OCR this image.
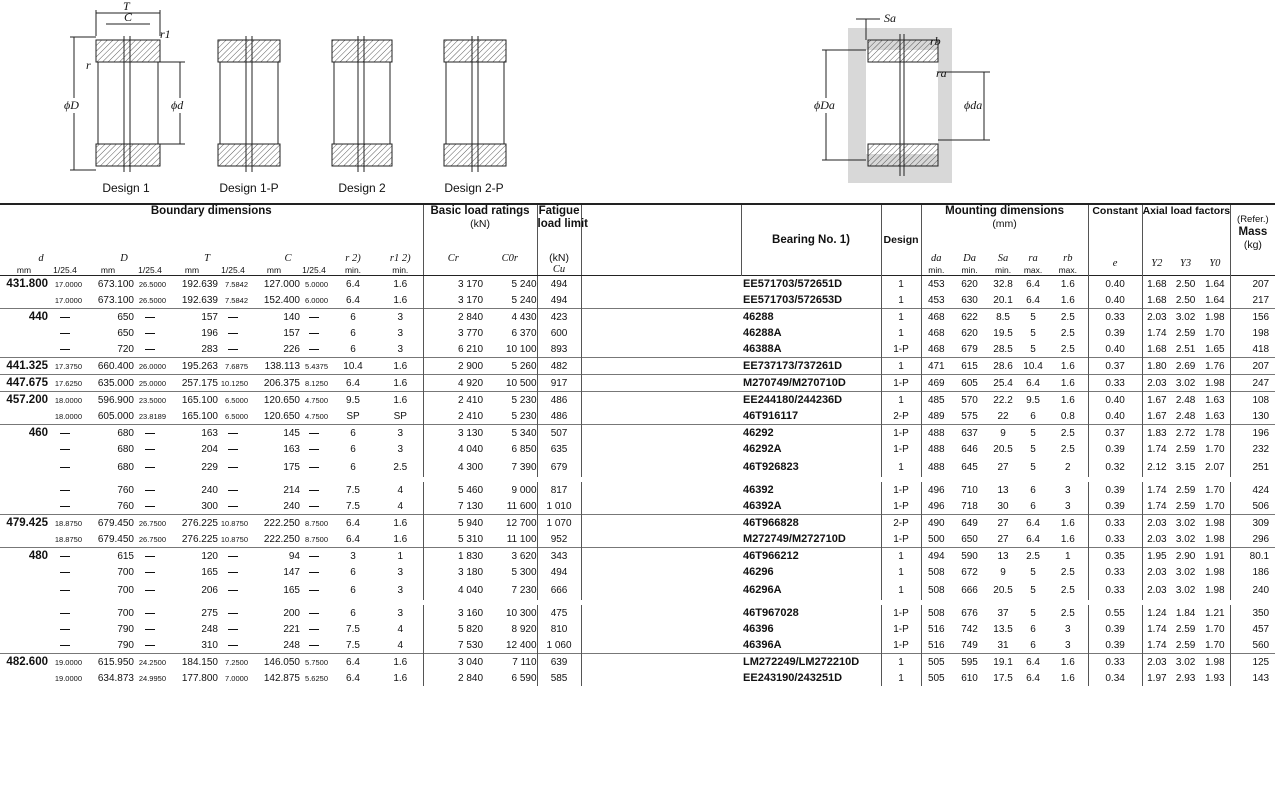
T
C
r1
r
ϕD	ϕd
Sa
rb
ra
ϕDa	ϕda
Design 1	Design 1-P	Design 2	Design 2-P
Boundary dimensions										Basic load ratings
(kN)		Fatigue
load limit		Bearing No. 1)	Design	Mounting dimensions
(mm)					Constant	Axial load factors			(Refer.)
Mass
(kg)
d		D		T		C		r 2)	r1 2)	Cr	C0r	(kN)				da	Da	Sa	ra	rb	e	Y2	Y3	Y0	
mm	1/25.4	mm	1/25.4	mm	1/25.4	mm	1/25.4	min.	min.			Cu				min.	min.	min.	max.	max.					
431.800	17.0000	673.100	26.5000	192.639	7.5842	127.000	5.0000	6.4	1.6	3 170	5 240	494		EE571703/572651D	1	453	620	32.8	6.4	1.6	0.40	1.68	2.50	1.64	207
	17.0000	673.100	26.5000	192.639	7.5842	152.400	6.0000	6.4	1.6	3 170	5 240	494		EE571703/572653D	1	453	630	20.1	6.4	1.6	0.40	1.68	2.50	1.64	217
440	—	650	—	157	—	140	—	6	3	2 840	4 430	423		46288	1	468	622	8.5	5	2.5	0.33	2.03	3.02	1.98	156
	—	650	—	196	—	157	—	6	3	3 770	6 370	600		46288A	1	468	620	19.5	5	2.5	0.39	1.74	2.59	1.70	198
	—	720	—	283	—	226	—	6	3	6 210	10 100	893		46388A	1-P	468	679	28.5	5	2.5	0.40	1.68	2.51	1.65	418
441.325	17.3750	660.400	26.0000	195.263	7.6875	138.113	5.4375	10.4	1.6	2 900	5 260	482		EE737173/737261D	1	471	615	28.6	10.4	1.6	0.37	1.80	2.69	1.76	207
447.675	17.6250	635.000	25.0000	257.175	10.1250	206.375	8.1250	6.4	1.6	4 920	10 500	917		M270749/M270710D	1-P	469	605	25.4	6.4	1.6	0.33	2.03	3.02	1.98	247
457.200	18.0000	596.900	23.5000	165.100	6.5000	120.650	4.7500	9.5	1.6	2 410	5 230	486		EE244180/244236D	1	485	570	22.2	9.5	1.6	0.40	1.67	2.48	1.63	108
	18.0000	605.000	23.8189	165.100	6.5000	120.650	4.7500	SP	SP	2 410	5 230	486		46T916117	2-P	489	575	22	6	0.8	0.40	1.67	2.48	1.63	130
460	—	680	—	163	—	145	—	6	3	3 130	5 340	507		46292	1-P	488	637	9	5	2.5	0.37	1.83	2.72	1.78	196
	—	680	—	204	—	163	—	6	3	4 040	6 850	635		46292A	1-P	488	646	20.5	5	2.5	0.39	1.74	2.59	1.70	232
	—	680	—	229	—	175	—	6	2.5	4 300	7 390	679		46T926823	1	488	645	27	5	2	0.32	2.12	3.15	2.07	251

	—	760	—	240	—	214	—	7.5	4	5 460	9 000	817		46392	1-P	496	710	13	6	3	0.39	1.74	2.59	1.70	424
	—	760	—	300	—	240	—	7.5	4	7 130	11 600	1 010		46392A	1-P	496	718	30	6	3	0.39	1.74	2.59	1.70	506
479.425	18.8750	679.450	26.7500	276.225	10.8750	222.250	8.7500	6.4	1.6	5 940	12 700	1 070		46T966828	2-P	490	649	27	6.4	1.6	0.33	2.03	3.02	1.98	309
	18.8750	679.450	26.7500	276.225	10.8750	222.250	8.7500	6.4	1.6	5 310	11 100	952		M272749/M272710D	1-P	500	650	27	6.4	1.6	0.33	2.03	3.02	1.98	296
480	—	615	—	120	—	94	—	3	1	1 830	3 620	343		46T966212	1	494	590	13	2.5	1	0.35	1.95	2.90	1.91	80.1
	—	700	—	165	—	147	—	6	3	3 180	5 300	494		46296	1	508	672	9	5	2.5	0.33	2.03	3.02	1.98	186
	—	700	—	206	—	165	—	6	3	4 040	7 230	666		46296A	1	508	666	20.5	5	2.5	0.33	2.03	3.02	1.98	240

	—	700	—	275	—	200	—	6	3	3 160	10 300	475		46T967028	1-P	508	676	37	5	2.5	0.55	1.24	1.84	1.21	350
	—	790	—	248	—	221	—	7.5	4	5 820	8 920	810		46396	1-P	516	742	13.5	6	3	0.39	1.74	2.59	1.70	457
	—	790	—	310	—	248	—	7.5	4	7 530	12 400	1 060		46396A	1-P	516	749	31	6	3	0.39	1.74	2.59	1.70	560
482.600	19.0000	615.950	24.2500	184.150	7.2500	146.050	5.7500	6.4	1.6	3 040	7 110	639		LM272249/LM272210D	1	505	595	19.1	6.4	1.6	0.33	2.03	3.02	1.98	125
	19.0000	634.873	24.9950	177.800	7.0000	142.875	5.6250	6.4	1.6	2 840	6 590	585		EE243190/243251D	1	505	610	17.5	6.4	1.6	0.34	1.97	2.93	1.93	143
